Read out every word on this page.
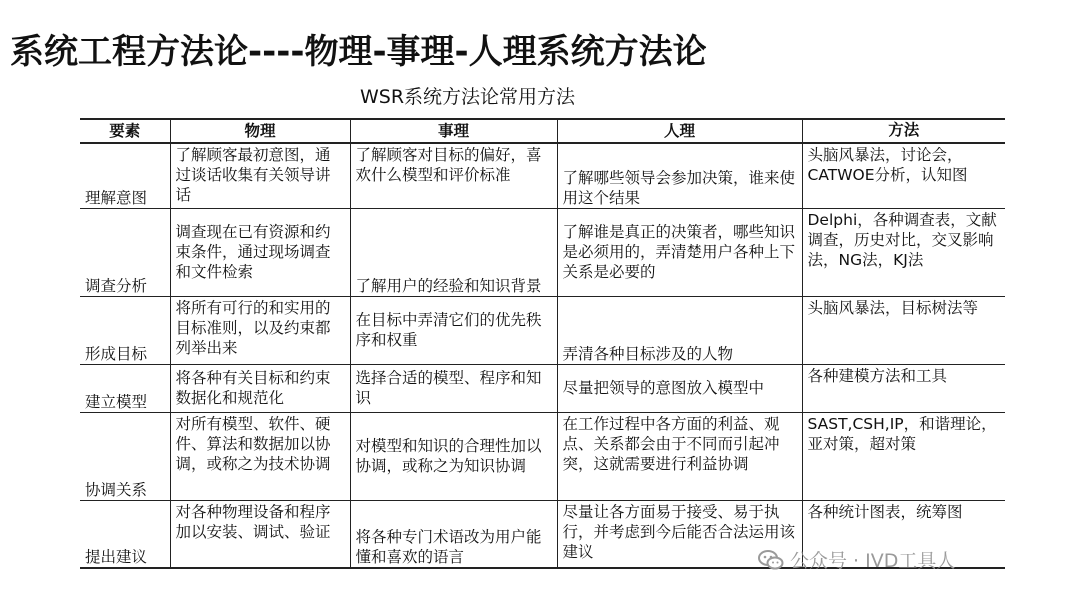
系统工程方法论----物理-事理-人理系统方法论
WSR系统方法论常用方法
要素	物理	事理	人理	方法
理解意图	了解顾客最初意图，通过谈话收集有关领导讲话	了解顾客对目标的偏好，喜欢什么模型和评价标准	了解哪些领导会参加决策，谁来使用这个结果	头脑风暴法，讨论会，CATWOE分析，认知图
调查分析	调查现在已有资源和约束条件，通过现场调查和文件检索	了解用户的经验和知识背景	了解谁是真正的决策者，哪些知识是必须用的，弄清楚用户各种上下关系是必要的	Delphi，各种调查表，文献调查，历史对比，交叉影响法，NG法，KJ法
形成目标	将所有可行的和实用的目标准则，以及约束都列举出来	在目标中弄清它们的优先秩序和权重	弄清各种目标涉及的人物	头脑风暴法，目标树法等
建立模型	将各种有关目标和约束数据化和规范化	选择合适的模型、程序和知识	尽量把领导的意图放入模型中	各种建模方法和工具
协调关系	对所有模型、软件、硬件、算法和数据加以协调，或称之为技术协调	对模型和知识的合理性加以协调，或称之为知识协调	在工作过程中各方面的利益、观点、关系都会由于不同而引起冲突，这就需要进行利益协调	SAST,CSH,IP，和谐理论，亚对策，超对策
提出建议	对各种物理设备和程序加以安装、调试、验证	将各种专门术语改为用户能懂和喜欢的语言	尽量让各方面易于接受、易于执行，并考虑到今后能否合法运用该建议	各种统计图表，统筹图
公众号 · IVD工具人
